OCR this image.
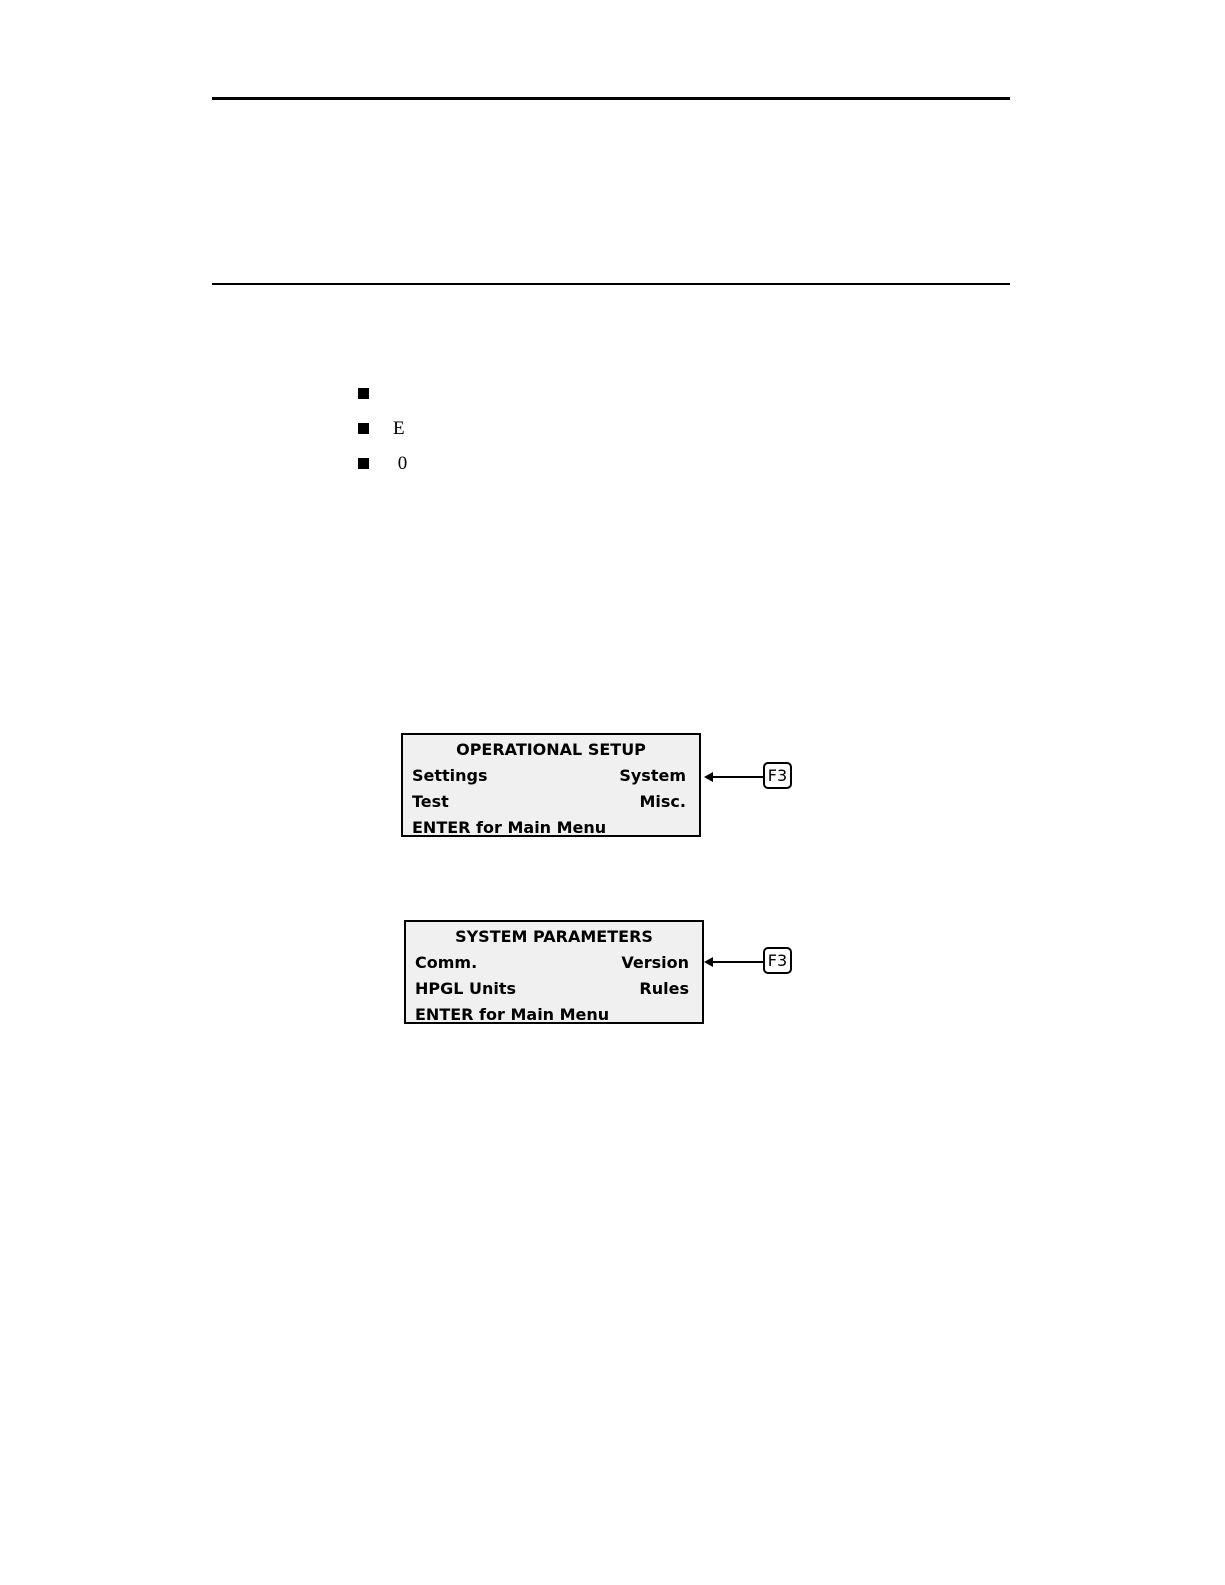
E
0
OPERATIONAL SETUP
Settings	System
Test	Misc.
ENTER for Main Menu
F3
SYSTEM PARAMETERS
Comm.	Version
HPGL Units	Rules
ENTER for Main Menu
F3
